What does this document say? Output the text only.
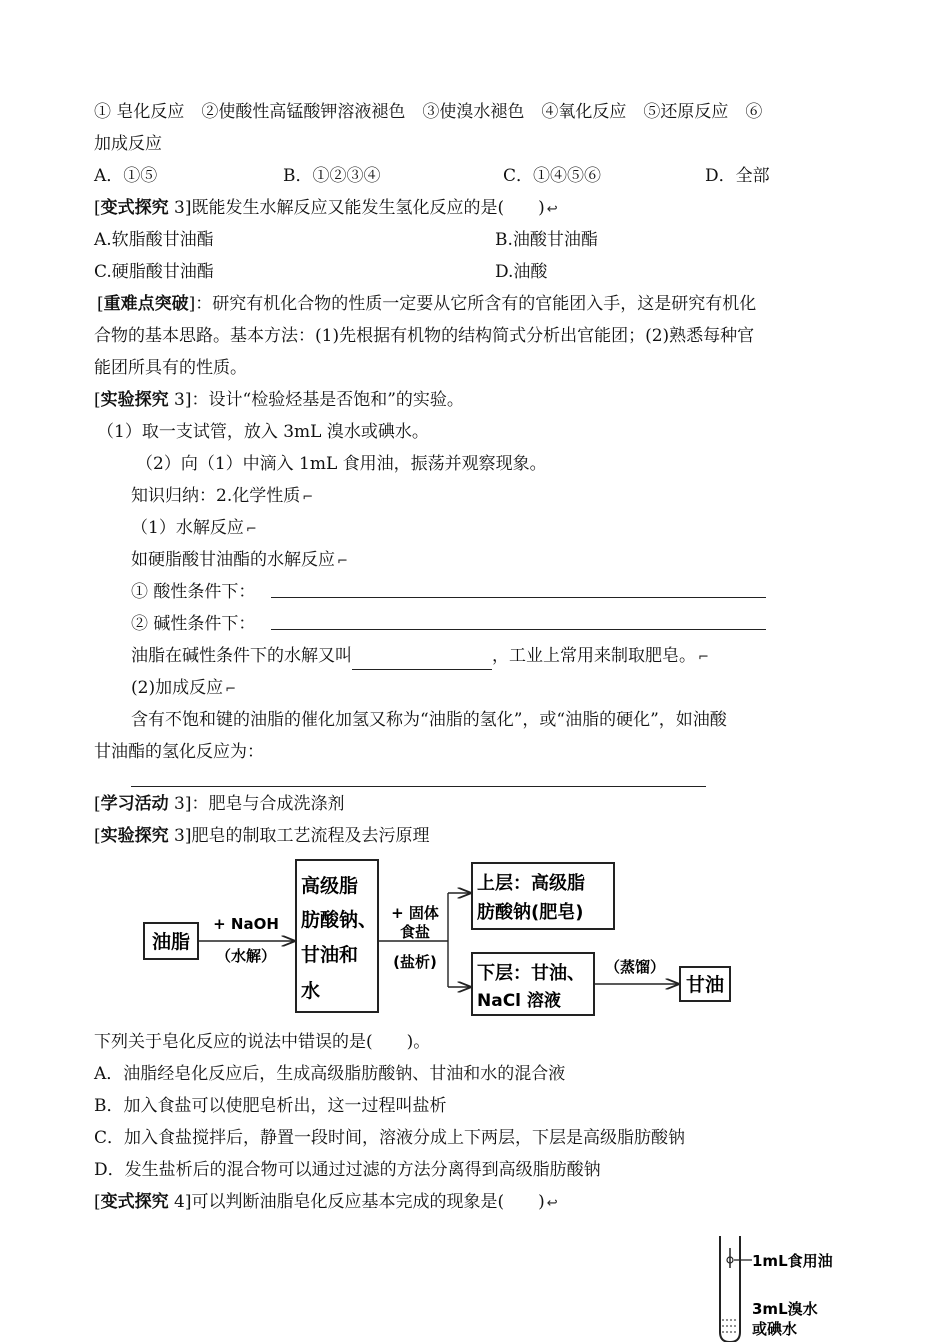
① 皂化反应　②使酸性高锰酸钾溶液褪色　③使溴水褪色　④氧化反应　⑤还原反应　⑥
加成反应
A．①⑤	B．①②③④	C．①④⑤⑥	D．全部
[变式探究 3]既能发生水解反应又能发生氢化反应的是(　　) ↩
A.软脂酸甘油酯	B.油酸甘油酯
C.硬脂酸甘油酯	D.油酸
[重难点突破]：研究有机化合物的性质一定要从它所含有的官能团入手，这是研究有机化
合物的基本思路。基本方法：(1)先根据有机物的结构简式分析出官能团；(2)熟悉每种官
能团所具有的性质。
[实验探究 3]：设计“检验烃基是否饱和”的实验。
（1）取一支试管，放入 3mL 溴水或碘水。
（2）向（1）中滴入 1mL 食用油，振荡并观察现象。
知识归纳：2.化学性质 ⌐
（1）水解反应 ⌐
如硬脂酸甘油酯的水解反应 ⌐
① 酸性条件下：
② 碱性条件下：
油脂在碱性条件下的水解又叫	，工业上常用来制取肥皂。 ⌐
(2)加成反应 ⌐
含有不饱和键的油脂的催化加氢又称为“油脂的氢化”，或“油脂的硬化”，如油酸
甘油酯的氢化反应为：
[学习活动 3]：肥皂与合成洗涤剂
[实验探究 3]肥皂的制取工艺流程及去污原理
油脂
+ NaOH
（水解）
高级脂
肪酸钠、
甘油和
水
+ 固体
食盐
(盐析)
上层：高级脂
肪酸钠(肥皂)
下层：甘油、
NaCl 溶液
（蒸馏）
甘油
下列关于皂化反应的说法中错误的是(　　)。
A．油脂经皂化反应后，生成高级脂肪酸钠、甘油和水的混合液
B．加入食盐可以使肥皂析出，这一过程叫盐析
C．加入食盐搅拌后，静置一段时间，溶液分成上下两层，下层是高级脂肪酸钠
D．发生盐析后的混合物可以通过过滤的方法分离得到高级脂肪酸钠
[变式探究 4]可以判断油脂皂化反应基本完成的现象是(　　) ↩
1mL食用油
3mL溴水
或碘水
